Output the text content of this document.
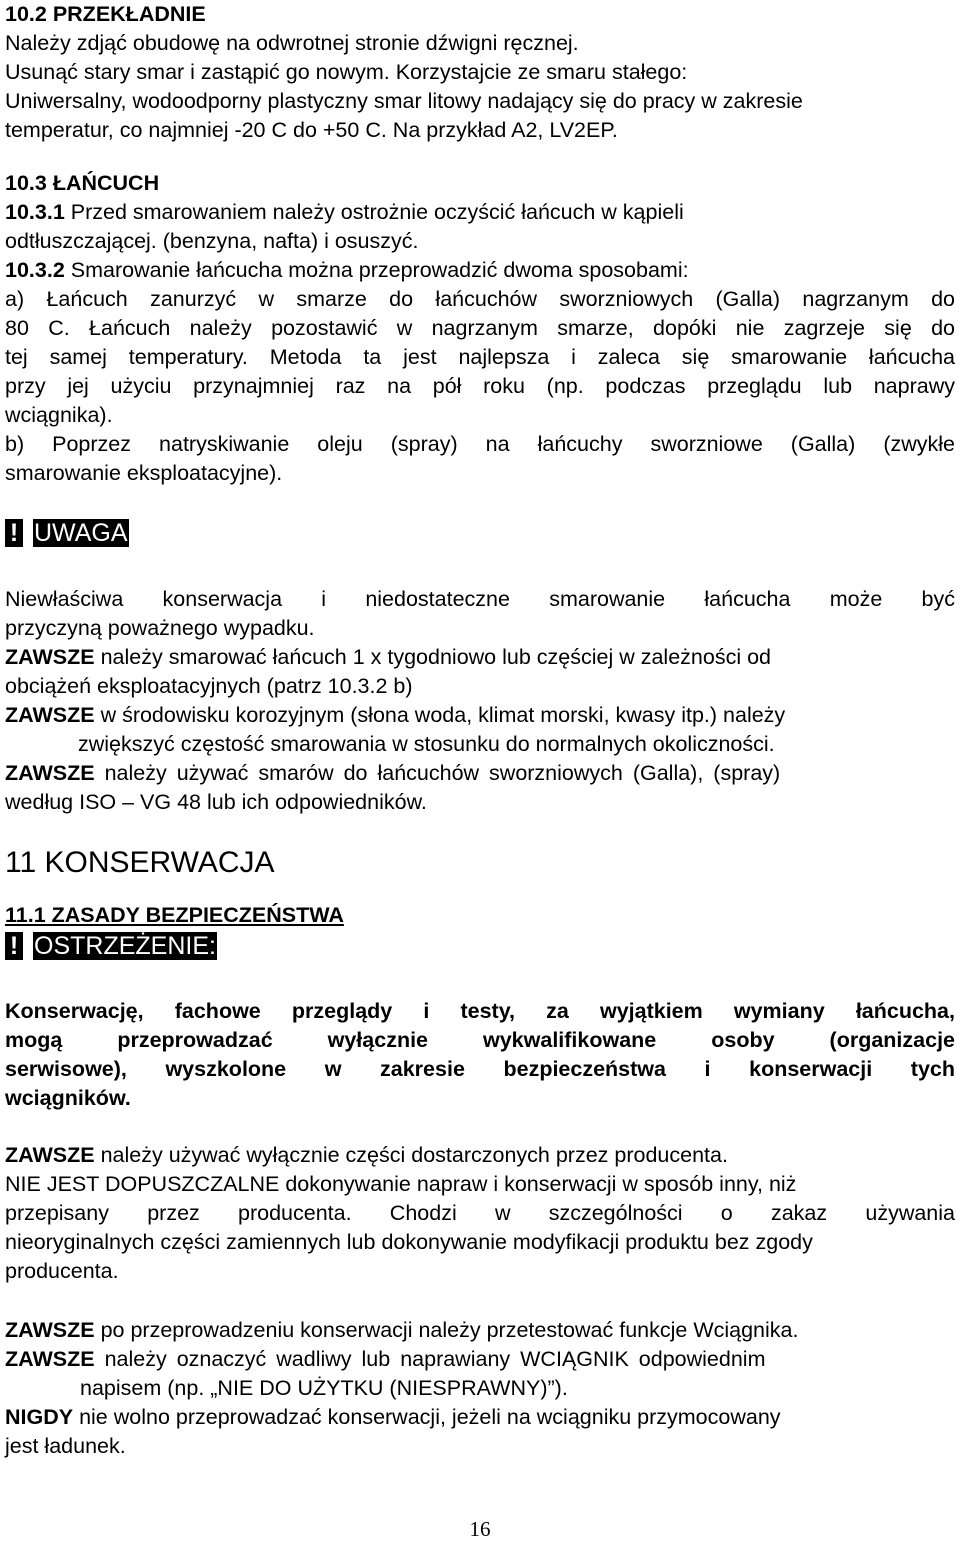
10.2 PRZEKŁADNIE
Należy zdjąć obudowę na odwrotnej stronie dźwigni ręcznej.
Usunąć stary smar i zastąpić go nowym. Korzystajcie ze smaru stałego:
Uniwersalny, wodoodporny plastyczny smar litowy nadający się do pracy w zakresie
temperatur, co najmniej -20 C do +50 C. Na przykład A2, LV2EP.
10.3 ŁAŃCUCH
10.3.1 Przed smarowaniem należy ostrożnie oczyścić łańcuch w kąpieli
odtłuszczającej. (benzyna, nafta) i osuszyć.
10.3.2 Smarowanie łańcucha można przeprowadzić dwoma sposobami:
a) Łańcuch zanurzyć w smarze do łańcuchów sworzniowych (Galla) nagrzanym do
80 C. Łańcuch należy pozostawić w nagrzanym smarze, dopóki nie zagrzeje się do
tej samej temperatury. Metoda ta jest najlepsza i zaleca się smarowanie łańcucha
przy jej użyciu przynajmniej raz na pół roku (np. podczas przeglądu lub naprawy
wciągnika).
b) Poprzez natryskiwanie oleju (spray) na łańcuchy sworzniowe (Galla) (zwykłe
smarowanie eksploatacyjne).
! UWAGA
Niewłaściwa konserwacja i niedostateczne smarowanie łańcucha może być
przyczyną poważnego wypadku.
ZAWSZE należy smarować łańcuch 1 x tygodniowo lub częściej w zależności od
obciążeń eksploatacyjnych (patrz 10.3.2 b)
ZAWSZE w środowisku korozyjnym (słona woda, klimat morski, kwasy itp.) należy
zwiększyć częstość smarowania w stosunku do normalnych okoliczności.
ZAWSZE należy używać smarów do łańcuchów sworzniowych (Galla), (spray)
według ISO – VG 48 lub ich odpowiedników.
11 KONSERWACJA
11.1 ZASADY BEZPIECZEŃSTWA
! OSTRZEŻENIE:
Konserwację, fachowe przeglądy i testy, za wyjątkiem wymiany łańcucha,
mogą przeprowadzać wyłącznie wykwalifikowane osoby (organizacje
serwisowe), wyszkolone w zakresie bezpieczeństwa i konserwacji tych
wciągników.
ZAWSZE należy używać wyłącznie części dostarczonych przez producenta.
NIE JEST DOPUSZCZALNE dokonywanie napraw i konserwacji w sposób inny, niż
przepisany przez producenta. Chodzi w szczególności o zakaz używania
nieoryginalnych części zamiennych lub dokonywanie modyfikacji produktu bez zgody
producenta.
ZAWSZE po przeprowadzeniu konserwacji należy przetestować funkcje Wciągnika.
ZAWSZE należy oznaczyć wadliwy lub naprawiany WCIĄGNIK odpowiednim
napisem (np. „NIE DO UŻYTKU (NIESPRAWNY)”).
NIGDY nie wolno przeprowadzać konserwacji, jeżeli na wciągniku przymocowany
jest ładunek.
16
